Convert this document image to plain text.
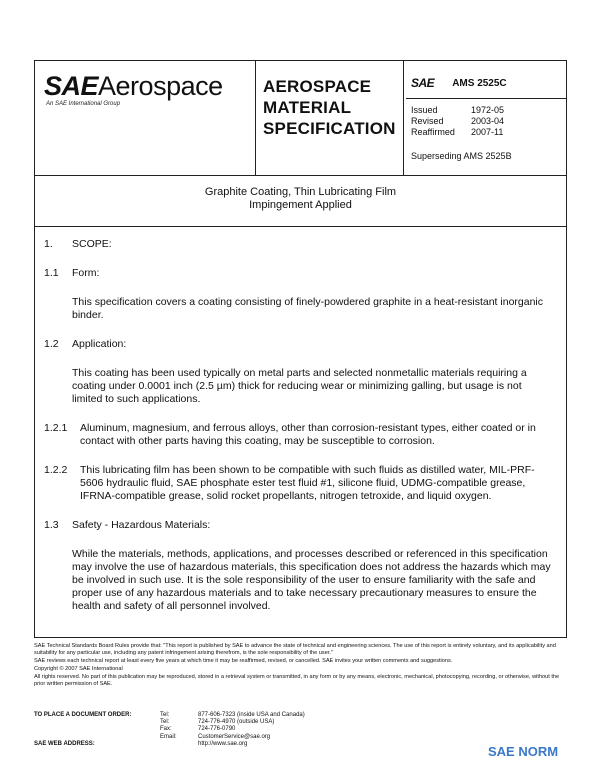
SAEAerospace
An SAE International Group
AEROSPACE
MATERIAL
SPECIFICATION
SAE AMS 2525C
Issued	1972-05
Revised	2003-04
Reaffirmed	2007-11
Superseding AMS 2525B
Graphite Coating, Thin Lubricating Film
Impingement Applied
1.	SCOPE:
1.1	Form:
This specification covers a coating consisting of finely-powdered graphite in a heat-resistant inorganic binder.
1.2	Application:
This coating has been used typically on metal parts and selected nonmetallic materials requiring a coating under 0.0001 inch (2.5 µm) thick for reducing wear or minimizing galling, but usage is not limited to such applications.
1.2.1	Aluminum, magnesium, and ferrous alloys, other than corrosion-resistant types, either coated or in contact with other parts having this coating, may be susceptible to corrosion.
1.2.2	This lubricating film has been shown to be compatible with such fluids as distilled water, MIL-PRF-5606 hydraulic fluid, SAE phosphate ester test fluid #1, silicone fluid, UDMG-compatible grease, IFRNA-compatible grease, solid rocket propellants, nitrogen tetroxide, and liquid oxygen.
1.3	Safety - Hazardous Materials:
While the materials, methods, applications, and processes described or referenced in this specification may involve the use of hazardous materials, this specification does not address the hazards which may be involved in such use. It is the sole responsibility of the user to ensure familiarity with the safe and proper use of any hazardous materials and to take necessary precautionary measures to ensure the health and safety of all personnel involved.

SAE Technical Standards Board Rules provide that: "This report is published by SAE to advance the state of technical and engineering sciences. The use of this report is entirely voluntary, and its applicability and suitability for any particular use, including any patent infringement arising therefrom, is the sole responsibility of the user."

SAE reviews each technical report at least every five years at which time it may be reaffirmed, revised, or cancelled. SAE invites your written comments and suggestions.

Copyright © 2007 SAE International

All rights reserved. No part of this publication may be reproduced, stored in a retrieval system or transmitted, in any form or by any means, electronic, mechanical, photocopying, recording, or otherwise, without the prior written permission of SAE.

TO PLACE A DOCUMENT ORDER:	Tel:	877-606-7323 (inside USA and Canada)
Tel:	724-776-4970 (outside USA)
Fax:	724-776-0790
Email:	CustomerService@sae.org
SAE WEB ADDRESS:	http://www.sae.org
SAE NORM
